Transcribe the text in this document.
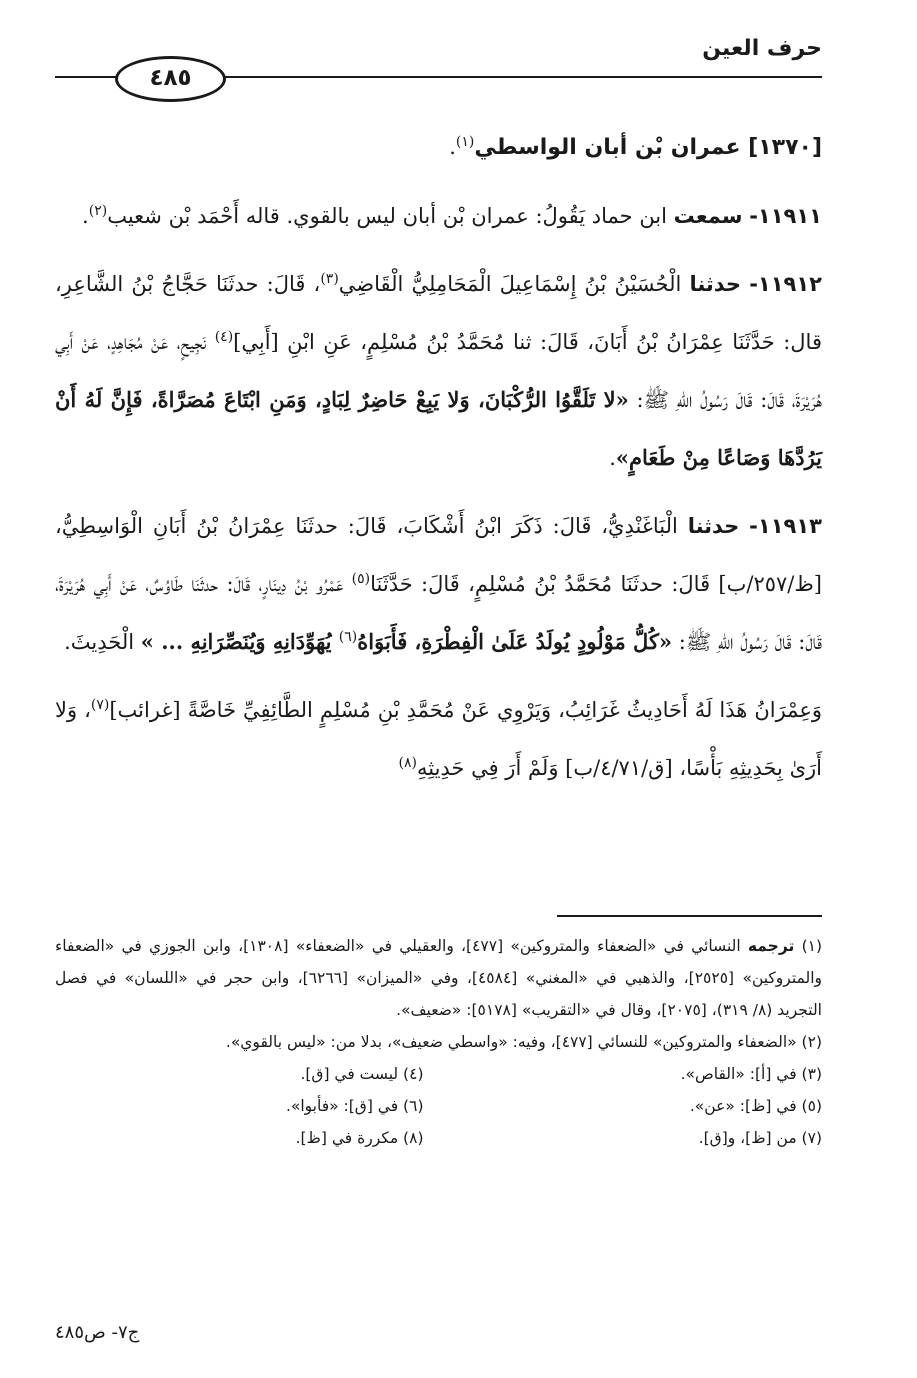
حرف العين
٤٨٥

[١٣٧٠] عمران بْن أبان الواسطي$^{(١)}$.

١١٩١١- سمعت ابن حماد يَقُولُ: عمران بْن أبان ليس بالقوي. قاله أَحْمَد بْن شعيب$^{(٢)}$.

١١٩١٢- حدثنا الْحُسَيْنُ بْنُ إِسْمَاعِيلَ الْمَحَامِلِيُّ الْقَاضِي$^{(٣)}$، قَالَ: حدثَنَا حَجَّاجُ بْنُ الشَّاعِرِ، قال: حَدَّثَنَا عِمْرَانُ بْنُ أَبَانَ، قَالَ: ثنا مُحَمَّدُ بْنُ مُسْلِمٍ، عَنِ ابْنِ [أَبِي]$^{(٤)}$ نَجِيحٍ، عَنْ مُجَاهِدٍ، عَنْ أَبِي هُرَيْرَةَ، قَالَ: قَالَ رَسُولُ اللهِ ﷺ: «لا تَلَقَّوُا الرُّكْبَانَ، وَلا يَبِعْ حَاضِرٌ لِبَادٍ، وَمَنِ ابْتَاعَ مُصَرَّاةً، فَإِنَّ لَهُ أَنْ يَرُدَّهَا وَصَاعًا مِنْ طَعَامٍ».

١١٩١٣- حدثنا الْبَاغَنْدِيُّ، قَالَ: ذَكَرَ ابْنُ أَشْكَابَ، قَالَ: حدثَنَا عِمْرَانُ بْنُ أَبَانِ الْوَاسِطِيُّ، [ظ/٢٥٧/ب] قَالَ: حدثَنَا مُحَمَّدُ بْنُ مُسْلِمٍ، قَالَ: حَدَّثَنَا$^{(٥)}$ عَمْرُو بْنُ دِينَارٍ، قَالَ: حدثَنَا طَاوُسٌ، عَنْ أَبِي هُرَيْرَةَ، قَالَ: قَالَ رَسُولُ اللهِ ﷺ: «كُلُّ مَوْلُودٍ يُولَدُ عَلَىٰ الْفِطْرَةِ، فَأَبَوَاهُ$^{(٦)}$ يُهَوِّدَانِهِ وَيُنَصِّرَانِهِ ... » الْحَدِيثَ.

وَعِمْرَانُ هَذَا لَهُ أَحَادِيثُ غَرَائِبُ، وَيَرْوِي عَنْ مُحَمَّدِ بْنِ مُسْلِمٍ الطَّائِفِيِّ خَاصَّةً [غرائب]$^{(٧)}$، وَلا أَرَىٰ بِحَدِيثِهِ بَأْسًا، [ق/٤/٧١/ب] وَلَمْ أَرَ فِي حَدِيثِهِ$^{(٨)}$

(١) ترجمه النسائي في «الضعفاء والمتروكين» [٤٧٧]، والعقيلي في «الضعفاء» [١٣٠٨]، وابن الجوزي في «الضعفاء والمتروكين» [٢٥٢٥]، والذهبي في «المغني» [٤٥٨٤]، وفي «الميزان» [٦٢٦٦]، وابن حجر في «اللسان» في فصل التجريد (٨/ ٣١٩)، [٢٠٧٥]، وقال في «التقريب» [٥١٧٨]: «ضعيف».

(٢) «الضعفاء والمتروكين» للنسائي [٤٧٧]، وفيه: «واسطي ضعيف»، بدلا من: «ليس بالقوي».

(٣) في [أ]: «القاص».

(٤) ليست في [ق].

(٥) في [ظ]: «عن».

(٦) في [ق]: «فأبوا».

(٧) من [ظ]، و[ق].

(٨) مكررة في [ظ].

ج٧- ص٤٨٥
